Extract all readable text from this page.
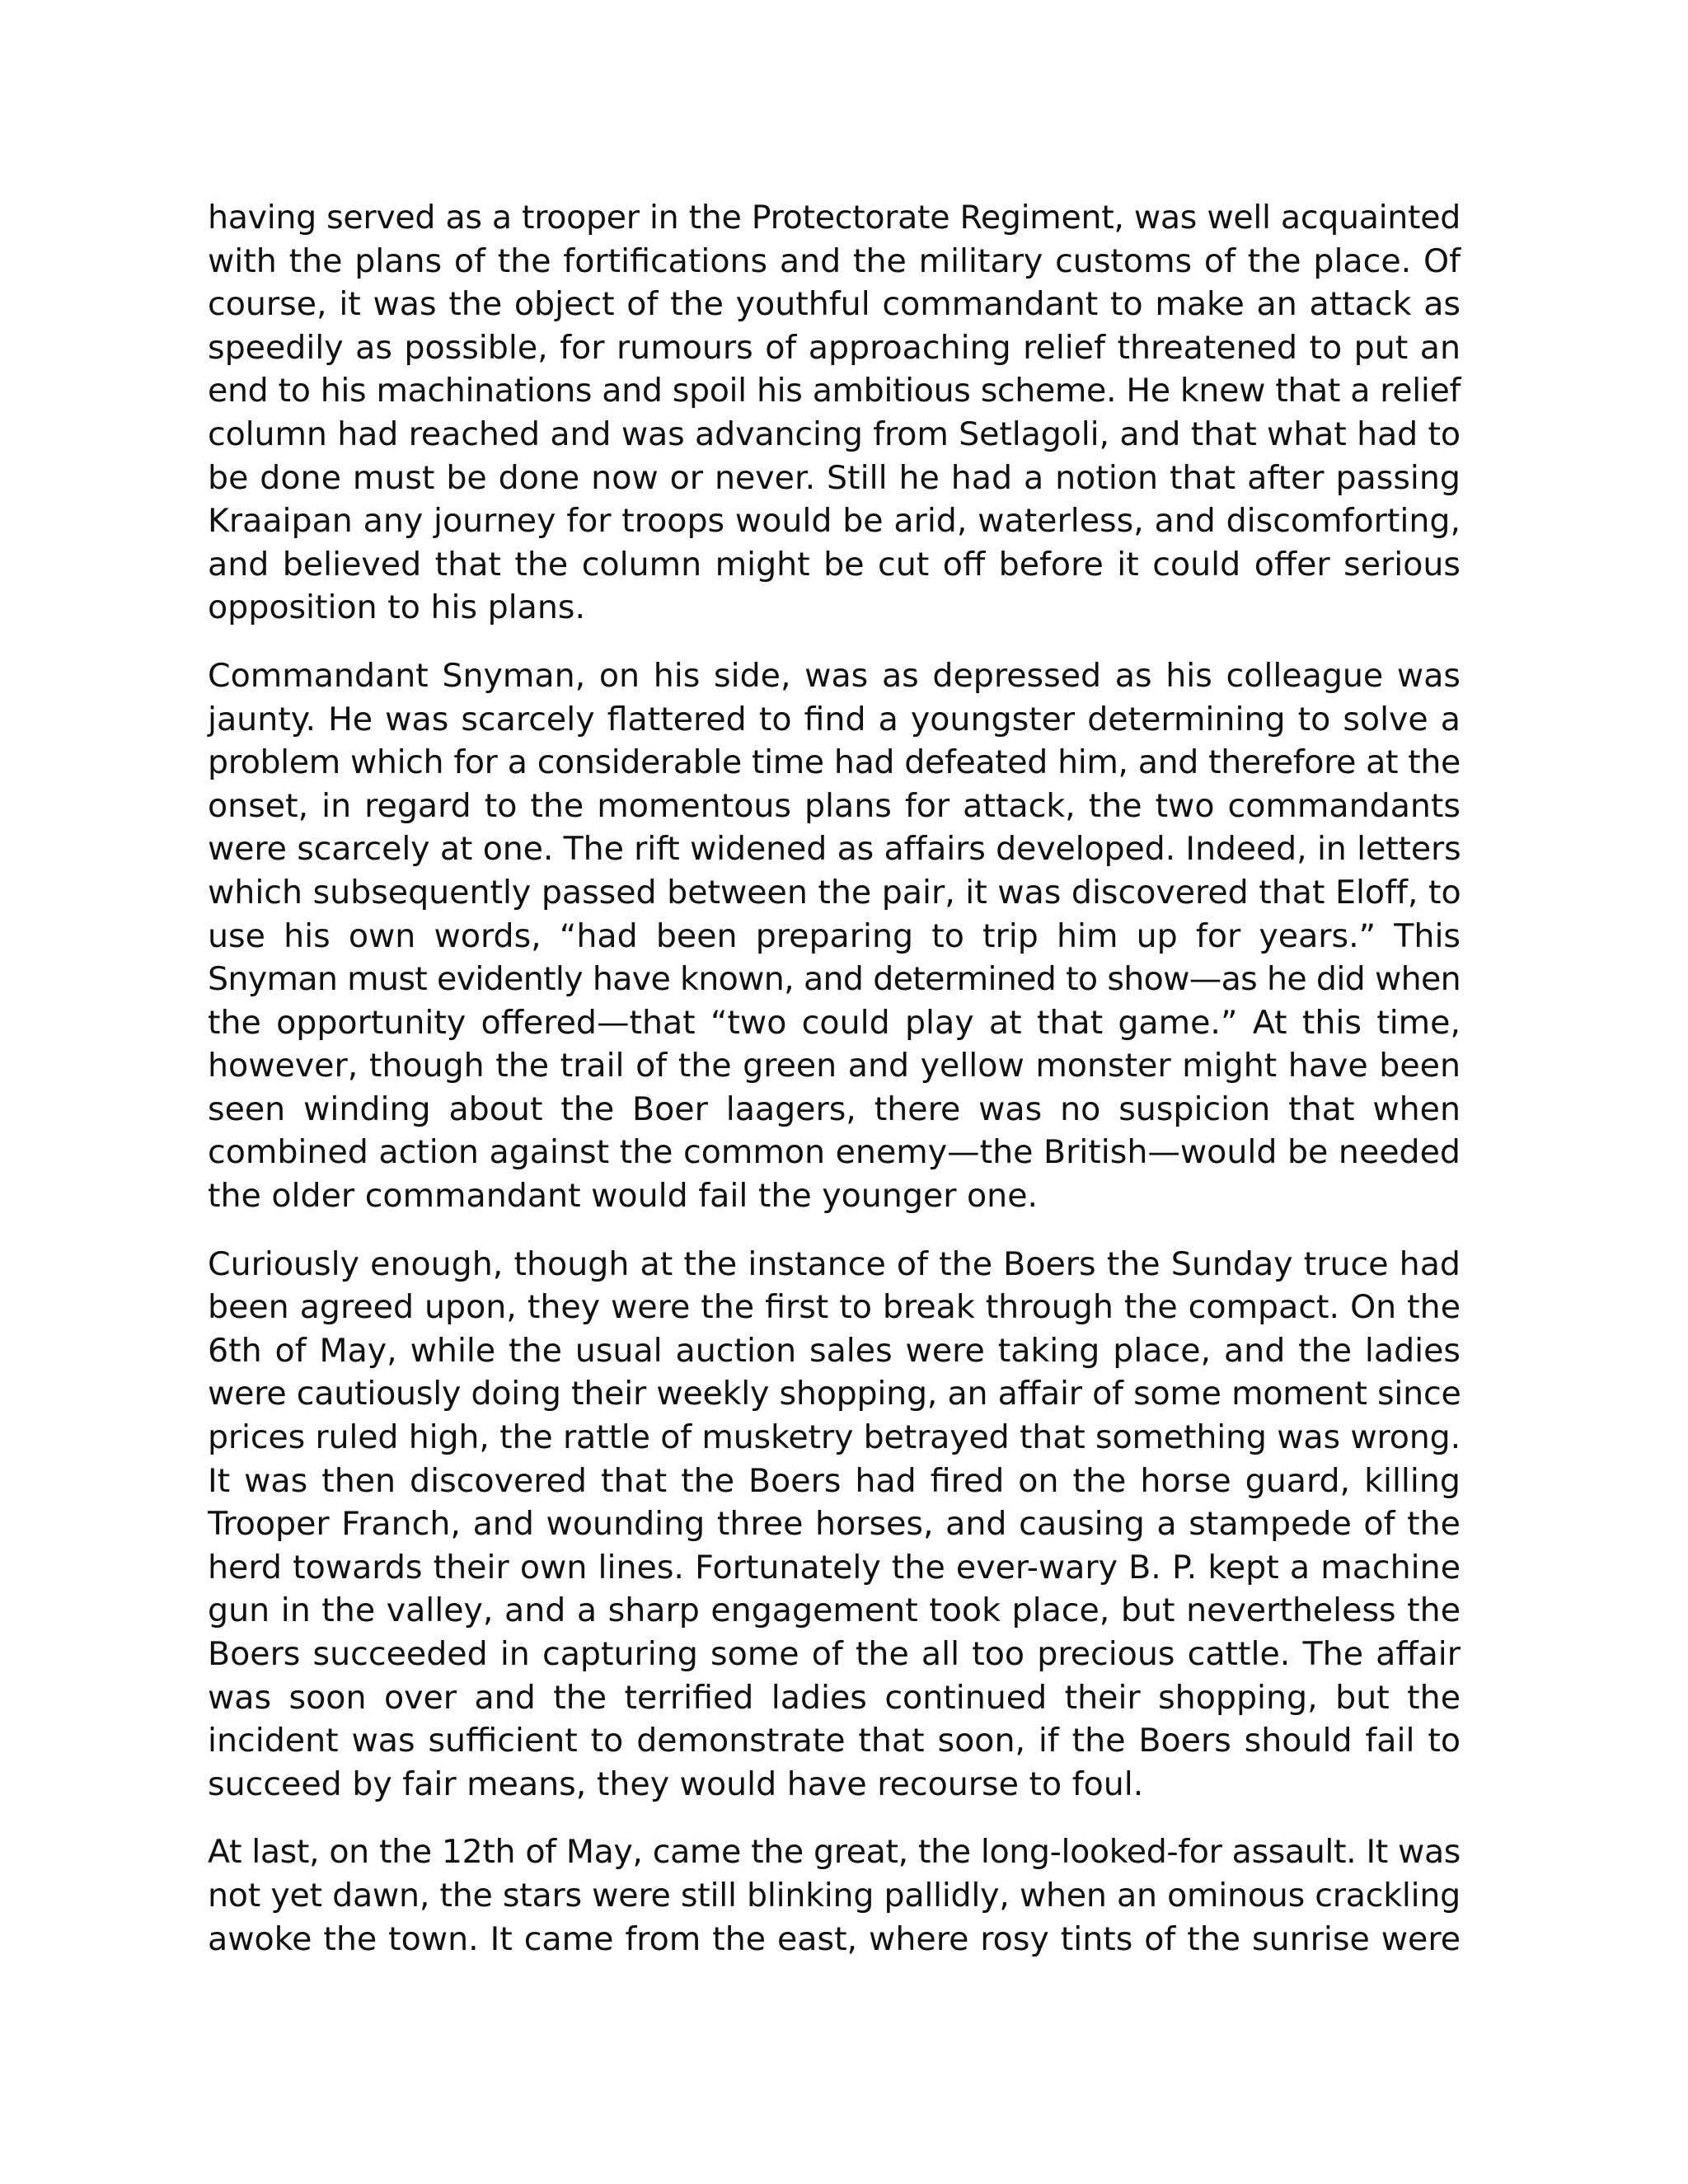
having served as a trooper in the Protectorate Regiment, was well acquainted
with the plans of the fortifications and the military customs of the place. Of
course, it was the object of the youthful commandant to make an attack as
speedily as possible, for rumours of approaching relief threatened to put an
end to his machinations and spoil his ambitious scheme. He knew that a relief
column had reached and was advancing from Setlagoli, and that what had to
be done must be done now or never. Still he had a notion that after passing
Kraaipan any journey for troops would be arid, waterless, and discomforting,
and believed that the column might be cut off before it could offer serious
opposition to his plans.
Commandant Snyman, on his side, was as depressed as his colleague was
jaunty. He was scarcely flattered to find a youngster determining to solve a
problem which for a considerable time had defeated him, and therefore at the
onset, in regard to the momentous plans for attack, the two commandants
were scarcely at one. The rift widened as affairs developed. Indeed, in letters
which subsequently passed between the pair, it was discovered that Eloff, to
use his own words, “had been preparing to trip him up for years.” This
Snyman must evidently have known, and determined to show—as he did when
the opportunity offered—that “two could play at that game.” At this time,
however, though the trail of the green and yellow monster might have been
seen winding about the Boer laagers, there was no suspicion that when
combined action against the common enemy—the British—would be needed
the older commandant would fail the younger one.
Curiously enough, though at the instance of the Boers the Sunday truce had
been agreed upon, they were the first to break through the compact. On the
6th of May, while the usual auction sales were taking place, and the ladies
were cautiously doing their weekly shopping, an affair of some moment since
prices ruled high, the rattle of musketry betrayed that something was wrong.
It was then discovered that the Boers had fired on the horse guard, killing
Trooper Franch, and wounding three horses, and causing a stampede of the
herd towards their own lines. Fortunately the ever-wary B. P. kept a machine
gun in the valley, and a sharp engagement took place, but nevertheless the
Boers succeeded in capturing some of the all too precious cattle. The affair
was soon over and the terrified ladies continued their shopping, but the
incident was sufficient to demonstrate that soon, if the Boers should fail to
succeed by fair means, they would have recourse to foul.
At last, on the 12th of May, came the great, the long-looked-for assault. It was
not yet dawn, the stars were still blinking pallidly, when an ominous crackling
awoke the town. It came from the east, where rosy tints of the sunrise were
